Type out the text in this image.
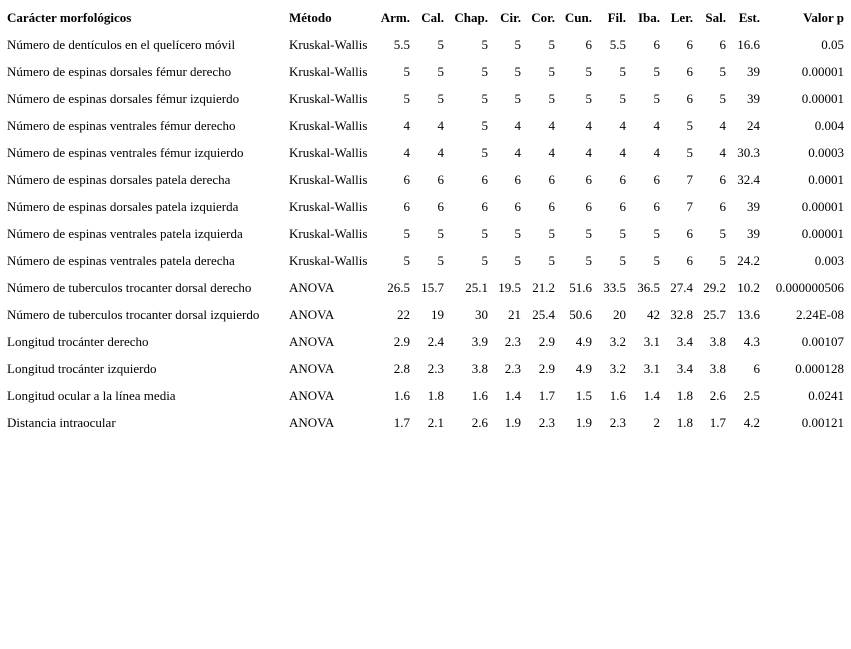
Carácter morfológicos	Método	Arm.	Cal.	Chap.	Cir.	Cor.	Cun.	Fil.	Iba.	Ler.	Sal.	Est.	Valor p
Número de dentículos en el quelícero móvil	Kruskal-Wallis	5.5	5	5	5	5	6	5.5	6	6	6	16.6	0.05
Número de espinas dorsales fémur derecho	Kruskal-Wallis	5	5	5	5	5	5	5	5	6	5	39	0.00001
Número de espinas dorsales fémur izquierdo	Kruskal-Wallis	5	5	5	5	5	5	5	5	6	5	39	0.00001
Número de espinas ventrales fémur derecho	Kruskal-Wallis	4	4	5	4	4	4	4	4	5	4	24	0.004
Número de espinas ventrales fémur izquierdo	Kruskal-Wallis	4	4	5	4	4	4	4	4	5	4	30.3	0.0003
Número de espinas dorsales patela derecha	Kruskal-Wallis	6	6	6	6	6	6	6	6	7	6	32.4	0.0001
Número de espinas dorsales patela izquierda	Kruskal-Wallis	6	6	6	6	6	6	6	6	7	6	39	0.00001
Número de espinas ventrales patela izquierda	Kruskal-Wallis	5	5	5	5	5	5	5	5	6	5	39	0.00001
Número de espinas ventrales patela derecha	Kruskal-Wallis	5	5	5	5	5	5	5	5	6	5	24.2	0.003
Número de tuberculos trocanter dorsal derecho	ANOVA	26.5	15.7	25.1	19.5	21.2	51.6	33.5	36.5	27.4	29.2	10.2	0.000000506
Número de tuberculos trocanter dorsal izquierdo	ANOVA	22	19	30	21	25.4	50.6	20	42	32.8	25.7	13.6	2.24E-08
Longitud trocánter derecho	ANOVA	2.9	2.4	3.9	2.3	2.9	4.9	3.2	3.1	3.4	3.8	4.3	0.00107
Longitud trocánter izquierdo	ANOVA	2.8	2.3	3.8	2.3	2.9	4.9	3.2	3.1	3.4	3.8	6	0.000128
Longitud ocular a la línea media	ANOVA	1.6	1.8	1.6	1.4	1.7	1.5	1.6	1.4	1.8	2.6	2.5	0.0241
Distancia intraocular	ANOVA	1.7	2.1	2.6	1.9	2.3	1.9	2.3	2	1.8	1.7	4.2	0.00121
